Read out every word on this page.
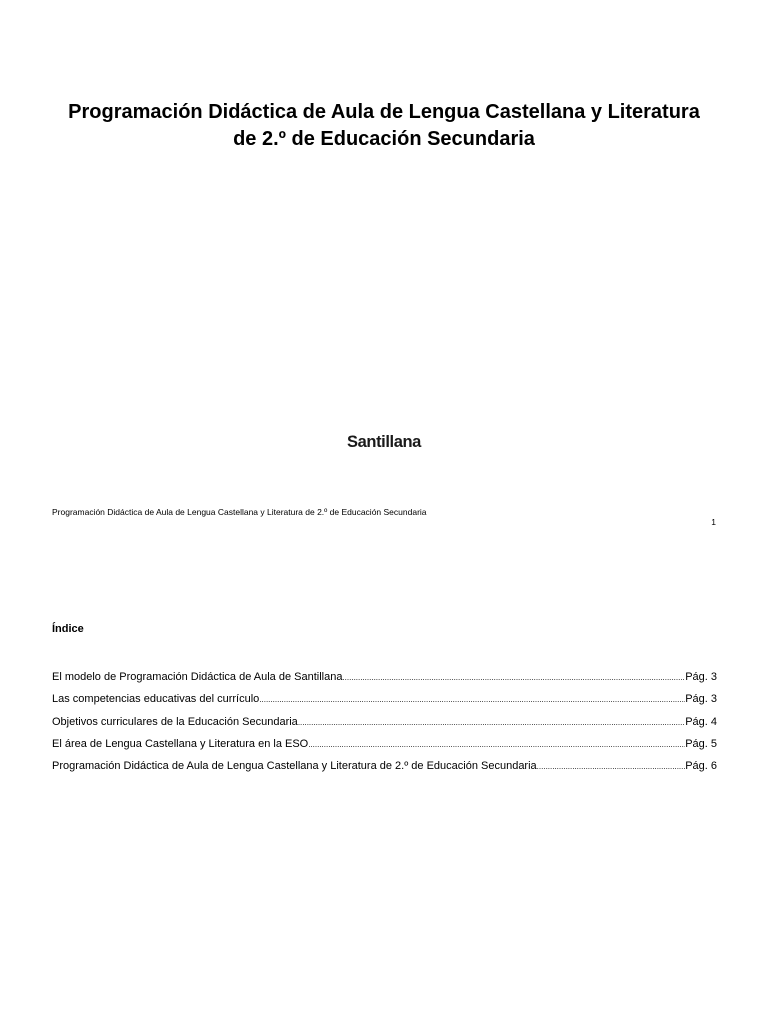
Programación Didáctica de Aula de Lengua Castellana y Literatura
de 2.º de Educación Secundaria
Santillana
Programación Didáctica de Aula de Lengua Castellana y Literatura de 2.º de Educación Secundaria
1
Índice
El modelo de Programación Didáctica de Aula de Santillana .....	Pág. 3
Las competencias educativas del currículo .....	Pág. 3
Objetivos curriculares de la Educación Secundaria .....	Pág. 4
El área de Lengua Castellana y Literatura en la ESO .....	Pág. 5
Programación Didáctica de Aula de Lengua Castellana y Literatura de 2.º de Educación Secundaria .....	Pág. 6
